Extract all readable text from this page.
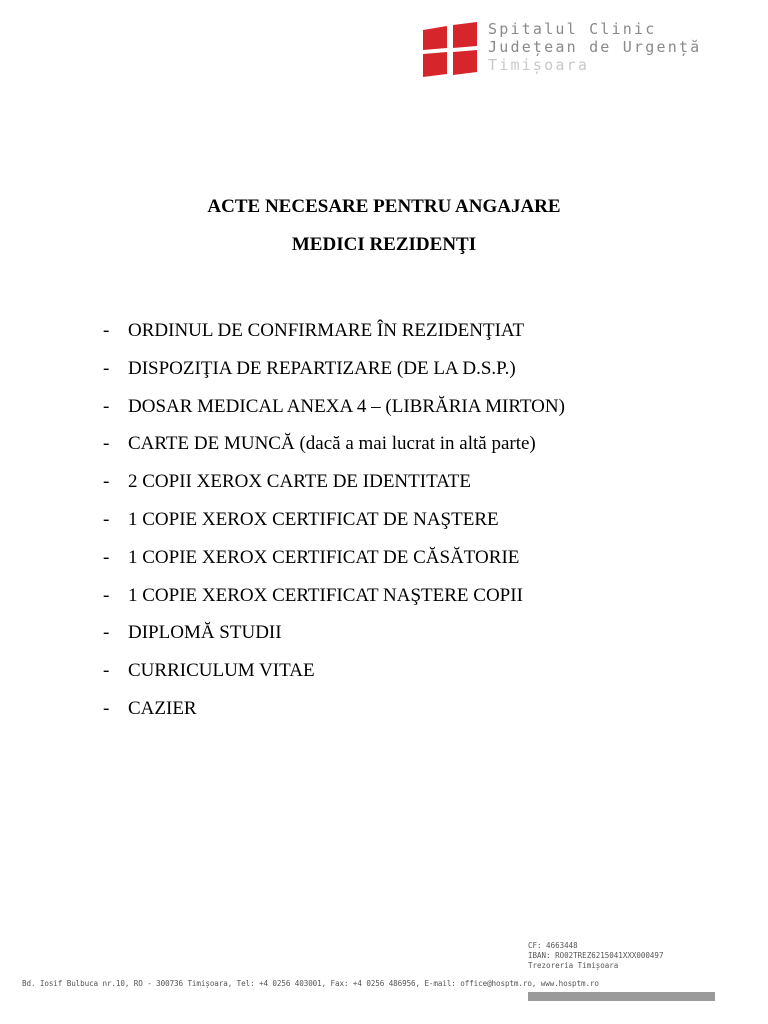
Spitalul Clinic
Județean de Urgență
Timișoara
ACTE NECESARE PENTRU ANGAJARE
MEDICI REZIDENŢI
- ORDINUL DE CONFIRMARE ÎN REZIDENŢIAT
- DISPOZIŢIA DE REPARTIZARE (DE LA D.S.P.)
- DOSAR MEDICAL ANEXA 4 – (LIBRĂRIA MIRTON)
- CARTE DE MUNCĂ (dacă a mai lucrat in altă parte)
- 2 COPII XEROX CARTE DE IDENTITATE
- 1 COPIE XEROX CERTIFICAT DE NAŞTERE
- 1 COPIE XEROX CERTIFICAT DE CĂSĂTORIE
- 1 COPIE XEROX CERTIFICAT NAŞTERE COPII
- DIPLOMĂ STUDII
- CURRICULUM VITAE
- CAZIER
CF: 4663448
IBAN: RO02TREZ6215041XXX000497
Trezoreria Timișoara
Bd. Iosif Bulbuca nr.10, RO - 300736 Timișoara, Tel: +4 0256 403001, Fax: +4 0256 486956, E-mail: office@hosptm.ro, www.hosptm.ro
